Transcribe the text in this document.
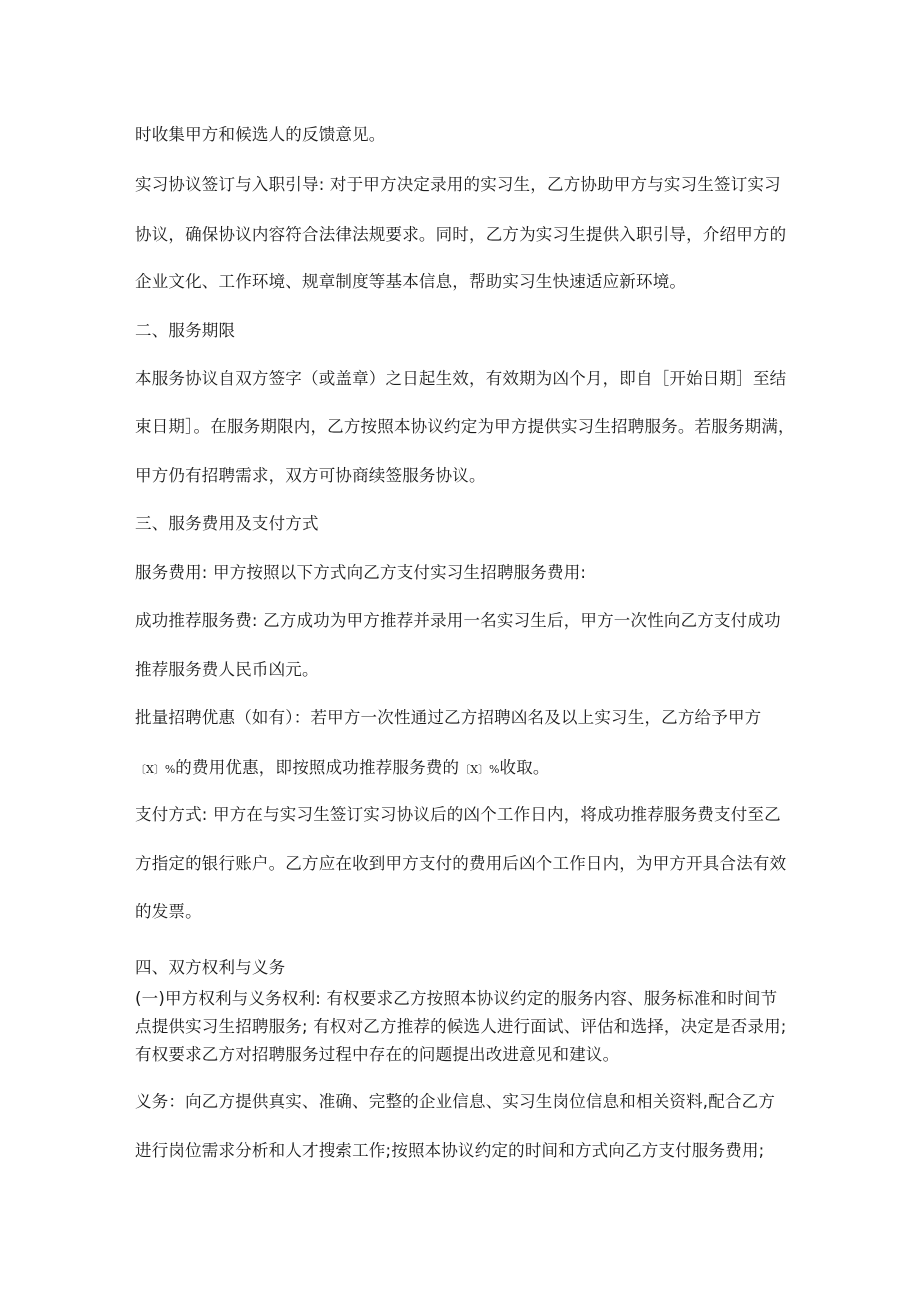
时收集甲方和候选人的反馈意见。
实习协议签订与入职引导: 对于甲方决定录用的实习生，乙方协助甲方与实习生签订实习
协议，确保协议内容符合法律法规要求。同时，乙方为实习生提供入职引导，介绍甲方的
企业文化、工作环境、规章制度等基本信息，帮助实习生快速适应新环境。
二、服务期限
本服务协议自双方签字（或盖章）之日起生效，有效期为凶个月，即自［开始日期］至结
束日期］。在服务期限内，乙方按照本协议约定为甲方提供实习生招聘服务。若服务期满，
甲方仍有招聘需求，双方可协商续签服务协议。
三、服务费用及支付方式
服务费用: 甲方按照以下方式向乙方支付实习生招聘服务费用:
成功推荐服务费: 乙方成功为甲方推荐并录用一名实习生后，甲方一次性向乙方支付成功
推荐服务费人民币凶元。
批量招聘优惠（如有）：若甲方一次性通过乙方招聘凶名及以上实习生，乙方给予甲方
〔X〕%的费用优惠，即按照成功推荐服务费的〔X〕%收取。
支付方式: 甲方在与实习生签订实习协议后的凶个工作日内，将成功推荐服务费支付至乙
方指定的银行账户。乙方应在收到甲方支付的费用后凶个工作日内，为甲方开具合法有效
的发票。
四、双方权利与义务
(一)甲方权利与义务权利: 有权要求乙方按照本协议约定的服务内容、服务标准和时间节
点提供实习生招聘服务; 有权对乙方推荐的候选人进行面试、评估和选择，决定是否录用;
有权要求乙方对招聘服务过程中存在的问题提出改进意见和建议。
义务：向乙方提供真实、准确、完整的企业信息、实习生岗位信息和相关资料,配合乙方
进行岗位需求分析和人才搜索工作;按照本协议约定的时间和方式向乙方支付服务费用;
